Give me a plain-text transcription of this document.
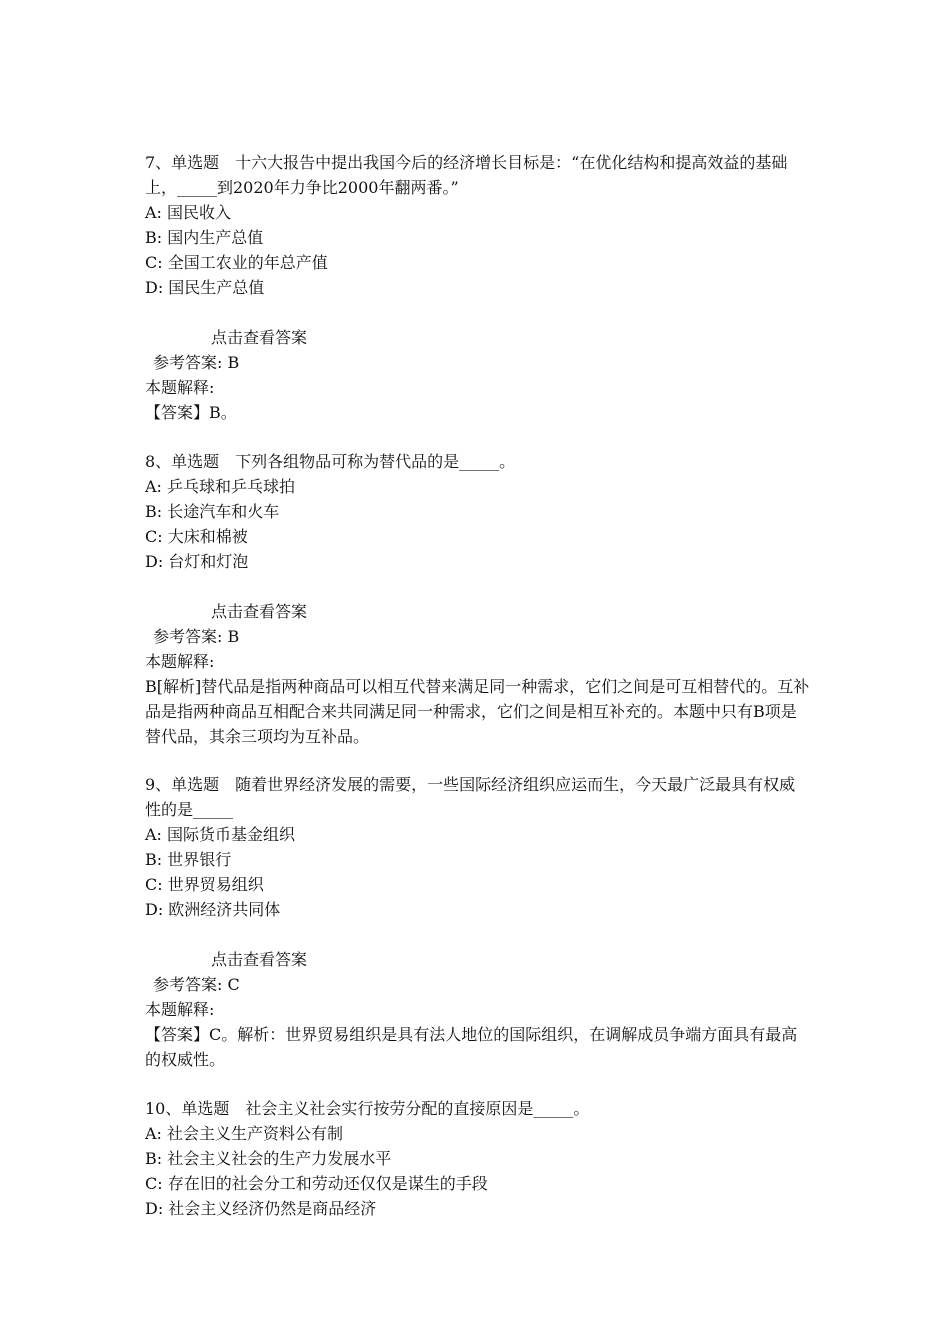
7、单选题　十六大报告中提出我国今后的经济增长目标是：“在优化结构和提高效益的基础上，_____到2020年力争比2000年翻两番。”
A: 国民收入
B: 国内生产总值
C: 全国工农业的年总产值
D: 国民生产总值
点击查看答案
参考答案: B
本题解释:
【答案】B。
8、单选题　下列各组物品可称为替代品的是_____。
A: 乒乓球和乒乓球拍
B: 长途汽车和火车
C: 大床和棉被
D: 台灯和灯泡
点击查看答案
参考答案: B
本题解释:
B[解析]替代品是指两种商品可以相互代替来满足同一种需求，它们之间是可互相替代的。互补品是指两种商品互相配合来共同满足同一种需求，它们之间是相互补充的。本题中只有B项是替代品，其余三项均为互补品。
9、单选题　随着世界经济发展的需要，一些国际经济组织应运而生，今天最广泛最具有权威性的是_____
A: 国际货币基金组织
B: 世界银行
C: 世界贸易组织
D: 欧洲经济共同体
点击查看答案
参考答案: C
本题解释:
【答案】C。解析：世界贸易组织是具有法人地位的国际组织，在调解成员争端方面具有最高的权威性。
10、单选题　社会主义社会实行按劳分配的直接原因是_____。
A: 社会主义生产资料公有制
B: 社会主义社会的生产力发展水平
C: 存在旧的社会分工和劳动还仅仅是谋生的手段
D: 社会主义经济仍然是商品经济
